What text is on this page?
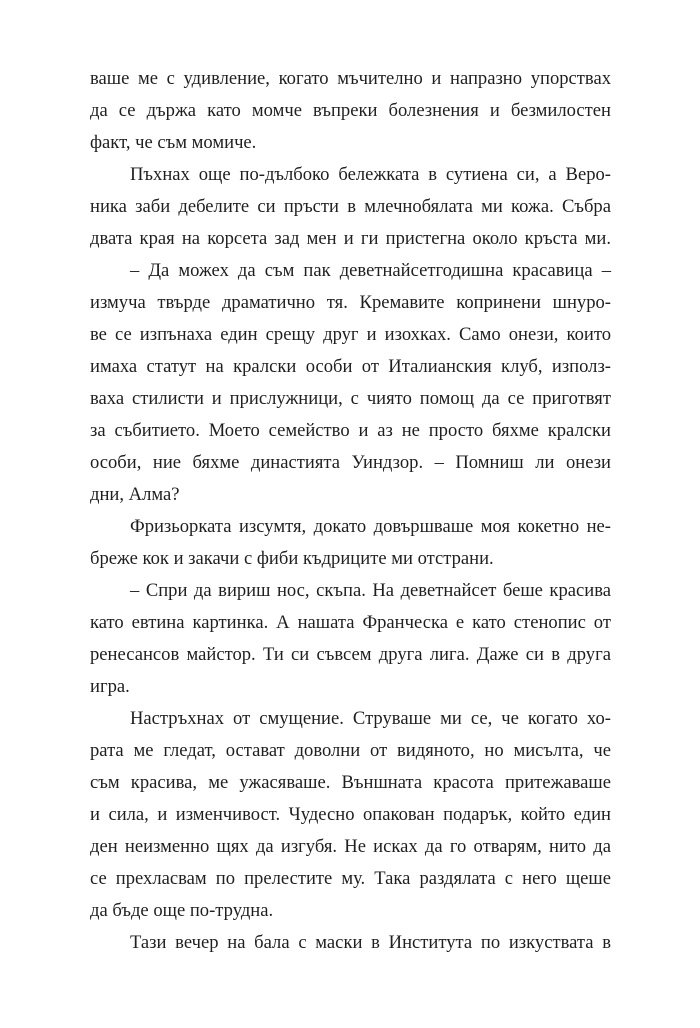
ваше ме с удивление, когато мъчително и напразно упорствах
да се държа като момче въпреки болезнения и безмилостен
факт, че съм момиче.
Пъхнах още по-дълбоко бележката в сутиена си, а Веро-
ника заби дебелите си пръсти в млечнобялата ми кожа. Събра
двата края на корсета зад мен и ги пристегна около кръста ми.
– Да можех да съм пак деветнайсетгодишна красавица –
измуча твърде драматично тя. Кремавите копринени шнуро-
ве се изпънаха един срещу друг и изохках. Само онези, които
имаха статут на кралски особи от Италианския клуб, използ-
ваха стилисти и прислужници, с чиято помощ да се приготвят
за събитието. Моето семейство и аз не просто бяхме кралски
особи, ние бяхме династията Уиндзор. – Помниш ли онези
дни, Алма?
Фризьорката изсумтя, докато довършваше моя кокетно не-
бреже кок и закачи с фиби къдриците ми отстрани.
– Спри да вириш нос, скъпа. На деветнайсет беше красива
като евтина картинка. А нашата Франческа е като стенопис от
ренесансов майстор. Ти си съвсем друга лига. Даже си в друга
игра.
Настръхнах от смущение. Струваше ми се, че когато хо-
рата ме гледат, остават доволни от видяното, но мисълта, че
съм красива, ме ужасяваше. Външната красота притежаваше
и сила, и изменчивост. Чудесно опакован подарък, който един
ден неизменно щях да изгубя. Не исках да го отварям, нито да
се прехласвам по прелестите му. Така раздялата с него щеше
да бъде още по-трудна.
Тази вечер на бала с маски в Института по изкуствата в
